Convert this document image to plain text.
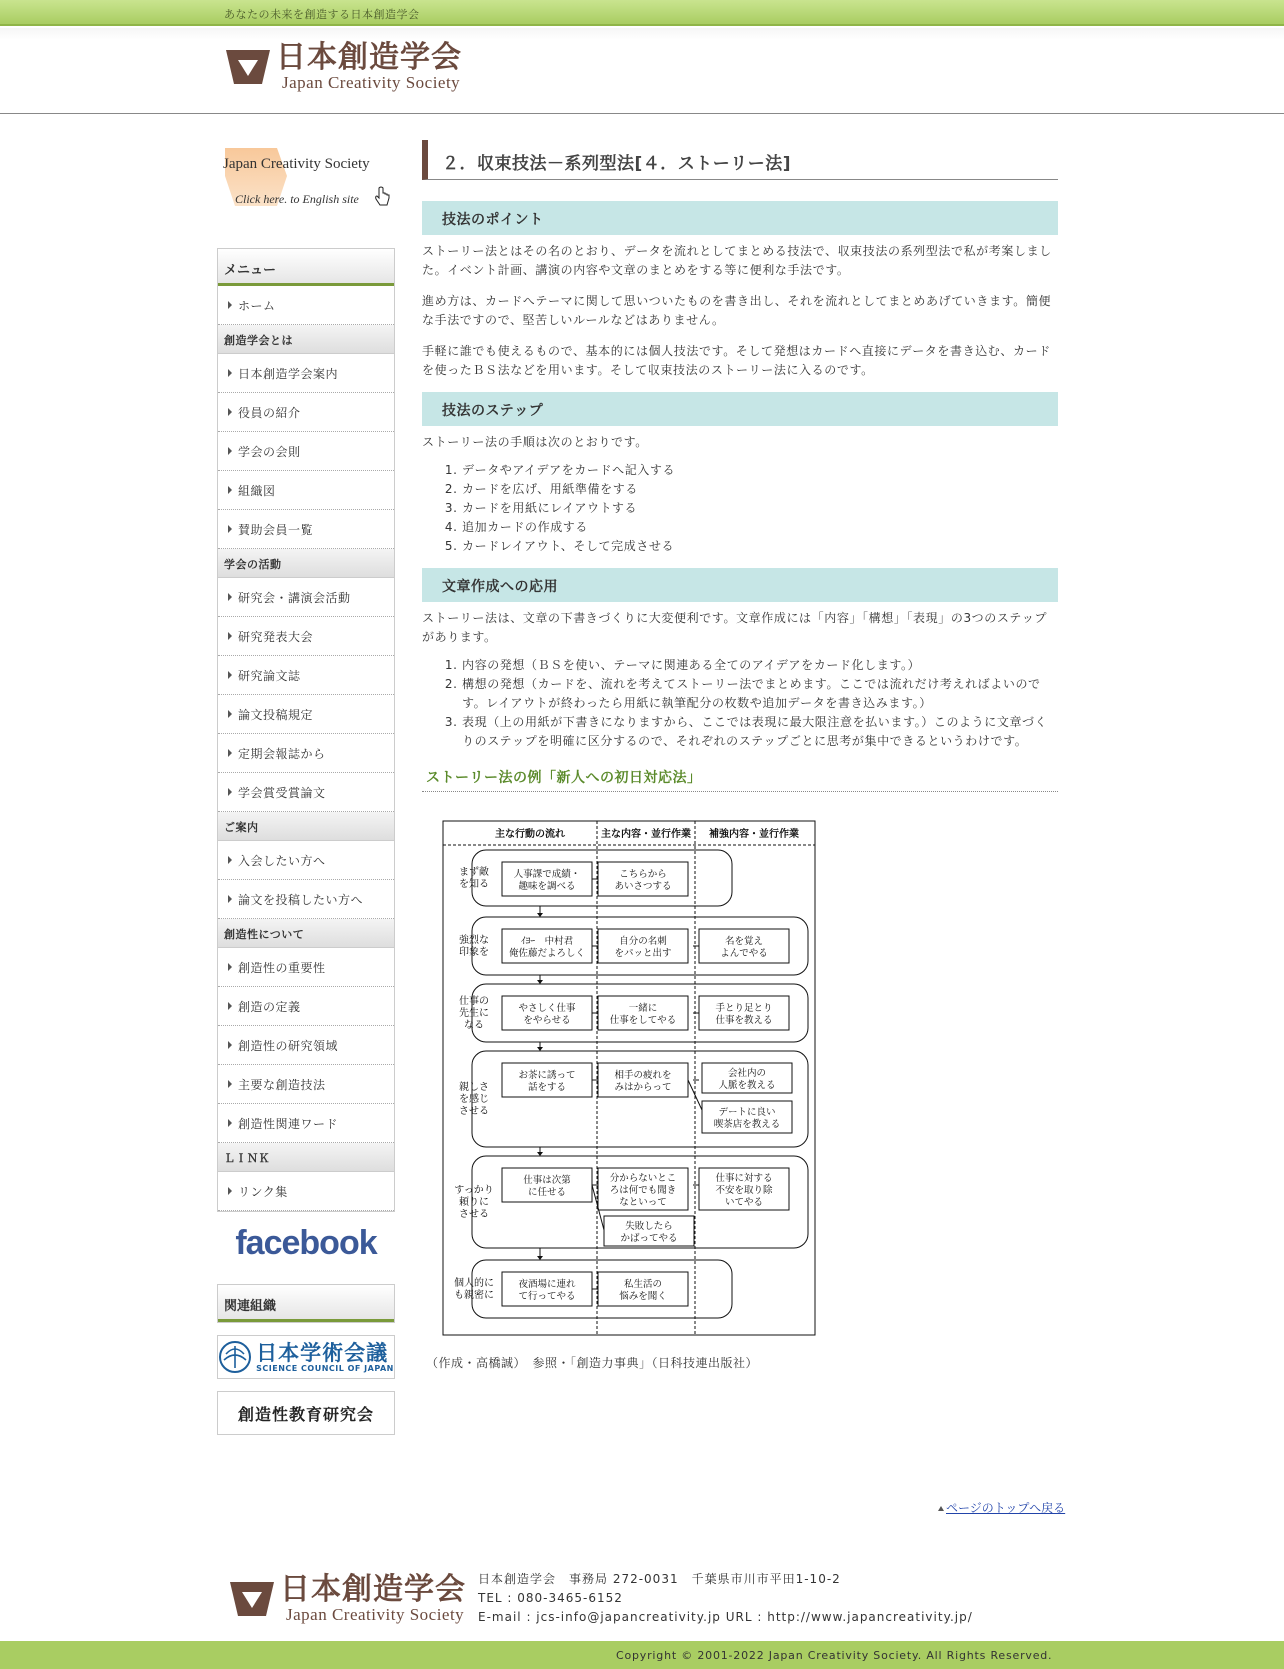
あなたの未来を創造する日本創造学会
日本創造学会
Japan Creativity Society
Japan Creativity Society
Click here. to English site
メニュー
ホーム
創造学会とは
日本創造学会案内
役員の紹介
学会の会則
組織図
賛助会員一覧
学会の活動
研究会・講演会活動
研究発表大会
研究論文誌
論文投稿規定
定期会報誌から
学会賞受賞論文
ご案内
入会したい方へ
論文を投稿したい方へ
創造性について
創造性の重要性
創造の定義
創造性の研究領域
主要な創造技法
創造性関連ワード
ＬＩＮＫ
リンク集
facebook
関連組織
日本学術会議
SCIENCE COUNCIL OF JAPAN
創造性教育研究会
２．収束技法－系列型法[４．ストーリー法]
技法のポイント

ストーリー法とはその名のとおり、データを流れとしてまとめる技法で、収束技法の系列型法で私が考案しました。イベント計画、講演の内容や文章のまとめをする等に便利な手法です。

進め方は、カードへテーマに関して思いついたものを書き出し、それを流れとしてまとめあげていきます。簡便な手法ですので、堅苦しいルールなどはありません。

手軽に誰でも使えるもので、基本的には個人技法です。そして発想はカードへ直接にデータを書き込む、カードを使ったＢＳ法などを用います。そして収束技法のストーリー法に入るのです。

技法のステップ

ストーリー法の手順は次のとおりです。

1. データやアイデアをカードへ記入する
2. カードを広げ、用紙準備をする
3. カードを用紙にレイアウトする
4. 追加カードの作成する
5. カードレイアウト、そして完成させる
文章作成への応用

ストーリー法は、文章の下書きづくりに大変便利です。文章作成には「内容」「構想」「表現」の3つのステップがあります。

1. 内容の発想（ＢＳを使い、テーマに関連ある全てのアイデアをカード化します。）
2. 構想の発想（カードを、流れを考えてストーリー法でまとめます。ここでは流れだけ考えればよいのです。レイアウトが終わったら用紙に執筆配分の枚数や追加データを書き込みます。）
3. 表現（上の用紙が下書きになりますから、ここでは表現に最大限注意を払います。）このように文章づくりのステップを明確に区分するので、それぞれのステップごとに思考が集中できるというわけです。
ストーリー法の例「新人への初日対応法」
主な行動の流れ	主な内容・並行作業 補強内容・並行作業
まず敵
を知る
人事課で成績・
趣味を調べる
こちらから
あいさつする
強烈な
印象を
ｲﾖｰ　中村君
俺佐藤だよろしく
自分の名刺
をパッと出す
名を覚え
よんでやる
仕事の
先生に
なる
やさしく仕事
をやらせる
一緒に
仕事をしてやる
手とり足とり
仕事を教える
親しさ
を感じ
させる
お茶に誘って
話をする
相手の疲れを
みはからって
会社内の
人脈を教える
デートに良い
喫茶店を教える
すっかり
頼りに
させる
仕事は次第
に任せる
分からないとこ
ろは何でも聞き
なといって
仕事に対する
不安を取り除
いてやる
失敗したら
かばってやる
個人的に
も親密に
夜酒場に連れ
て行ってやる
私生活の
悩みを聞く
（作成・高橋誠）　参照・「創造力事典」（日科技連出版社）
ページのトップへ戻る
日本創造学会
Japan Creativity Society
日本創造学会　事務局 272-0031　千葉県市川市平田1-10-2
TEL : 080-3465-6152
E-mail : jcs-info@japancreativity.jp URL : http://www.japancreativity.jp/
Copyright © 2001-2022 Japan Creativity Society. All Rights Reserved.
